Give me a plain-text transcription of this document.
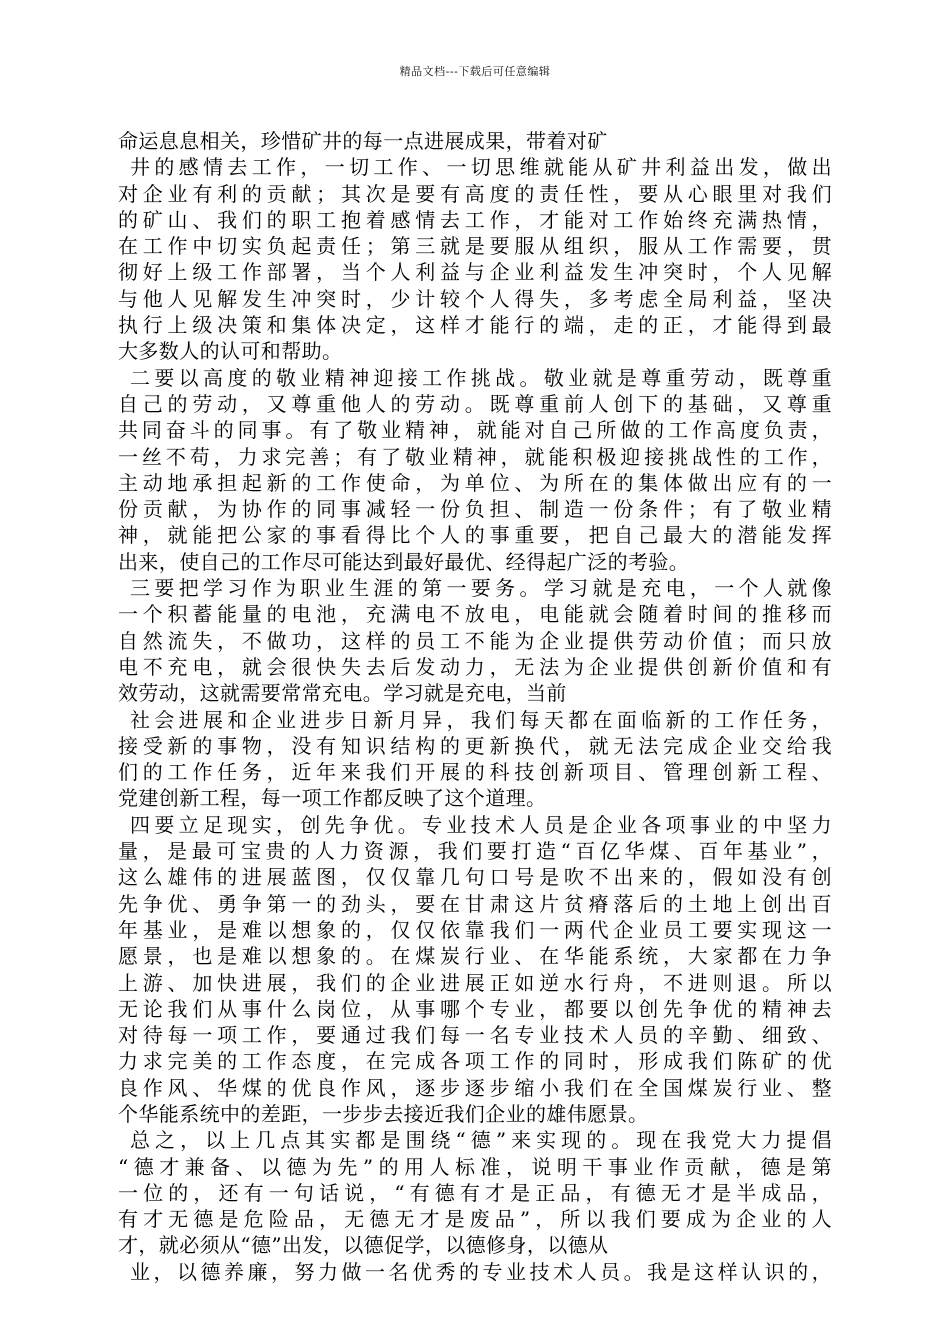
精品文档---下载后可任意编辑
命运息息相关，珍惜矿井的每一点进展成果，带着对矿
井的感情去工作，一切工作、一切思维就能从矿井利益出发，做出
对企业有利的贡献；其次是要有高度的责任性，要从心眼里对我们
的矿山、我们的职工抱着感情去工作，才能对工作始终充满热情，
在工作中切实负起责任；第三就是要服从组织，服从工作需要，贯
彻好上级工作部署，当个人利益与企业利益发生冲突时，个人见解
与他人见解发生冲突时，少计较个人得失，多考虑全局利益，坚决
执行上级决策和集体决定，这样才能行的端，走的正，才能得到最
大多数人的认可和帮助。
二要以高度的敬业精神迎接工作挑战。敬业就是尊重劳动，既尊重
自己的劳动，又尊重他人的劳动。既尊重前人创下的基础，又尊重
共同奋斗的同事。有了敬业精神，就能对自己所做的工作高度负责，
一丝不苟，力求完善；有了敬业精神，就能积极迎接挑战性的工作，
主动地承担起新的工作使命，为单位、为所在的集体做出应有的一
份贡献，为协作的同事减轻一份负担、制造一份条件；有了敬业精
神，就能把公家的事看得比个人的事重要，把自己最大的潜能发挥
出来，使自己的工作尽可能达到最好最优、经得起广泛的考验。
三要把学习作为职业生涯的第一要务。学习就是充电，一个人就像
一个积蓄能量的电池，充满电不放电，电能就会随着时间的推移而
自然流失，不做功，这样的员工不能为企业提供劳动价值；而只放
电不充电，就会很快失去后发动力，无法为企业提供创新价值和有
效劳动，这就需要常常充电。学习就是充电，当前
社会进展和企业进步日新月异，我们每天都在面临新的工作任务，
接受新的事物，没有知识结构的更新换代，就无法完成企业交给我
们的工作任务，近年来我们开展的科技创新项目、管理创新工程、
党建创新工程，每一项工作都反映了这个道理。
四要立足现实，创先争优。专业技术人员是企业各项事业的中坚力
量，是最可宝贵的人力资源，我们要打造“百亿华煤、百年基业”，
这么雄伟的进展蓝图，仅仅靠几句口号是吹不出来的，假如没有创
先争优、勇争第一的劲头，要在甘肃这片贫瘠落后的土地上创出百
年基业，是难以想象的，仅仅依靠我们一两代企业员工要实现这一
愿景，也是难以想象的。在煤炭行业、在华能系统，大家都在力争
上游、加快进展，我们的企业进展正如逆水行舟，不进则退。所以
无论我们从事什么岗位，从事哪个专业，都要以创先争优的精神去
对待每一项工作，要通过我们每一名专业技术人员的辛勤、细致、
力求完美的工作态度，在完成各项工作的同时，形成我们陈矿的优
良作风、华煤的优良作风，逐步逐步缩小我们在全国煤炭行业、整
个华能系统中的差距，一步步去接近我们企业的雄伟愿景。
总之，以上几点其实都是围绕“德”来实现的。现在我党大力提倡
“德才兼备、以德为先”的用人标准，说明干事业作贡献，德是第
一位的，还有一句话说，“有德有才是正品，有德无才是半成品，
有才无德是危险品，无德无才是废品”，所以我们要成为企业的人
才，就必须从“德”出发，以德促学，以德修身，以德从
业，以德养廉，努力做一名优秀的专业技术人员。我是这样认识的，
